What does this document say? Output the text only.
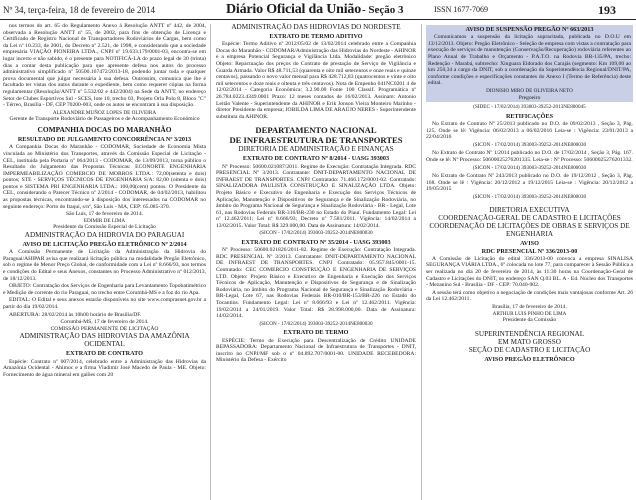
Nº 34, terça-feira, 18 de fevereiro de 2014	Diário Oficial da União - Seção 3	ISSN 1677-7069	193

nos termos do art. 65 do Regulamento Anexo à Resolução ANTT nº 442, de 2004, observada a Resolução ANTT nº 55, de 2002, para fins de obtenção de Licença e Certificado de Registro Nacional de Transportadores Rodoviários de Cargas, bem como da Lei nº 10.233, de 2001, do Decreto nº 2.521, de 1998, e considerando que a sociedade empresária VIAÇÃO PIONEIRA LTDA., CNPJ nº 19.633.179/0001-03, encontra-se em lugar incerto e não sabido, é o presente para NOTIFICÁ-LA do prazo legal de 30 (trinta) dias a contar desta publicação para que apresente defesa nos autos do processo administrativo simplificado nº 50500.167472/2013-18, podendo juntar toda e qualquer prova documental que julgar necessária à sua defesa. Outrossim, comunica que lhe é facultado ter vistas dos autos durante o expediente, bem como requerer cópias na forma regulamentar (Resolução/ANTT nº 5.532/02 e 442/2004) na Sede da ANTT, no endereço Setor de Clubes Esportivos Sul - SCES, lote 10, trecho 03, Projeto Orla Polo 8, Bloco "C" - Térreo, Brasília - DF, CEP 70200-003, onde os autos se encontram à sua disposição.

ALEXANDRE MUÑOZ LOPES DE OLIVEIRA

Gerente de Transporte Rodoviário de Passageiros e de Acompanhamento Econômico

COMPANHIA DOCAS DO MARANHÃO
RESULTADO DE JULGAMENTO CONCORRÊNCIA Nº 3/2013

A Companhia Docas do Maranhão - CODOMAR, Sociedade de Economia Mista vinculada ao Ministério dos Transportes, através da Comissão Especial de Licitação - CEL, instituída pela Portaria nº 064/2013 - CODOMAR, de 13/09/2013, torna público o Resultado do Julgamento das Propostas Técnicas: ECONORTE ENGENHARIA IMPERMEABILIZAÇÃO COMERCIO DE MORROS LTDA.: 72,00(setenta e dois) pontos; STE - SERVIÇOS TÉCNICOS DE ENGENHARIA S/A: 82,00 (oitenta e dois) pontos e SISTEMA PRI ENGENHARIA LTDA.: 100,00(cem) pontos. O Presidente da CEL, considerando o Parecer Técnico nº 2/2014 - CODOMAR, de 04/02/2013, habilitou as propostas técnicas, encontrando-se à disposição dos interessados na CODOMAR no seguinte endereço: Porto do Itaqui, s/nº, São Luís - MA, CEP: 65.085-370.

São Luís, 17 de fevereiro de 2014.

EDIMIR DE LIMA

Presidente da Comissão Especial de Licitação

ADMINISTRAÇÃO DA HIDROVIA DO PARAGUAI
AVISO DE LICITAÇÃO PREGÃO ELETRÔNICO Nº 2/2014

A Comissão Permanente de Licitação da Administração da Hidrovia do Paraguai/AHIPAR avisa que realizará licitação pública na modalidade Pregão Eletrônico, sob o regime de Menor Preço Global, de conformidade com a Lei nº 8.666/93, nos termos e condições do Edital e seus Anexos, constantes no Processo Administrativo nº 012/2013, de 18/12/2013.

OBJETO: Contratação dos Serviços de Engenharia para Levantamento Topobatimétrico e Medição de corrente do rio Paraguai, no trecho entre Corumbá-MS e a foz do rio Apa.

EDITAL: O Edital e seus anexos estarão disponíveis no site www.comprasnet.gov.br a partir do dia 19/02/2014.

ABERTURA: 28/02/2014 às 10h00 horário de Brasília/DF.

Corumbá-MS, 17 de fevereiro de 2014.

COMISSÃO PERMANENTE DE LICITAÇÃO

ADMINISTRAÇÃO DAS HIDROVIAS DA AMAZÔNIA OCIDENTAL
EXTRATO DE CONTRATO

Espécie: Contrato nº 007/2014, celebrado entre a Administração das Hidrovias da Amazônia Ocidental - Ahimoc e a firma Vladimir José Macedo de Paula - ME. Objeto: Fornecimento de água mineral em galões com 20

ADMINISTRAÇÃO DAS HIDROVIAS DO NORDESTE
EXTRATO DE TERMO ADITIVO

Espécie: Termo Aditivo nº 2012/05/02 de 13/02/2014 celebrado entre a Companhia Docas do Maranhão - CODOMAR/Administração das Hidrovias do Nordeste - AHINOR e a empresa Potencial Segurança e Vigilância Ltda. Modalidade: pregão eletrônico Objeto: Repactuação dos preços do Contrato de prestação de Serviço de Vigilância e Guarda Armada. Valor R$ 48.711,53 (quarenta e oito mil setecentos e onze reais e quinze centavos), passando o novo valor mensal para R$ 428.712,83 (quatrocentos e vinte e oito mil setecentos e doze reais e oitenta e três centavos). Nota de Empenho 041NC0201 4 de 12/02/2014 - Categoria Econômica: 3.2.90.00 Fonte 100 Classif. Programática nº 26.784.0223.4349.0001 Prazo: 12 meses contados de 16/02/2013. Assinam: Antonio Leitão Valente - Superintendente da AHINOR e Erik Jonson Vieira Monteiro Marinho - diretor Presidente da empresa; JOBILDA LIMA DE ARAÚJO NERES - Superintendente substituta da AHINOR.

DEPARTAMENTO NACIONAL
DE INFRAESTRUTURA DE TRANSPORTES
DIRETORIA DE ADMINISTRAÇÃO E FINANÇAS
EXTRATO DE CONTRATO Nº 8/2014 - UASG 393003

Nº Processo: 50600.021087/2011. Regime de Execução: Contratação Integrada. RDC PRESENCIAL Nº 3/2013. Contratante: DNIT-DEPARTAMENTO NACIONAL DE INFRAEST DE TRANSPORTES. CNPJ Contratado: 71.466.172/0001-02. Contratado: SINALIZADORA PAULISTA CONSTRUÇÃO E SINALIZAÇÃO LTDA. Objeto: Projeto Básico e Executivo de Engenharia e Execução dos Serviços Técnicos de Aplicação, Manutenção e Dispositivos de Segurança e de Sinalização Rodoviária, no âmbito do Programa Nacional de Segurança e Sinalização Rodoviária - BR - Legal, Lote 61, nas Rodovias Federais BR-316/BR-230 no Estado do Piauí. Fundamento Legal: Lei nº 12.462/2011; Lei nº 8.666/93; Decreto nº 7.581/2011. Vigência: 14/02/2014 a 13/02/2015. Valor Total: R$ 329.000,00. Data de Assinatura: 14/02/2014.

(SICON - 17/02/2014) 393003-39252-2014NE800030

EXTRATO DE CONTRATO Nº 35/2014 - UASG 393003

Nº Processo: 50600.021826/2011-82. Regime de Execução: Contratação Integrada. RDC PRESENCIAL Nº 3/2013. Contratante: DNIT-DEPARTAMENTO NACIONAL DE INFRAEST DE TRANSPORTES. CNPJ Contratado: 05.957.845/0001-15. Contratado: CEC COMERCIO CONSTRUÇÃO E ENGENHARIA DE SERVIÇOS LTD. Objeto: Projeto Básico e Executivo de Engenharia e Execução dos Serviços Técnicos de Aplicação, Manutenção e Dispositivos de Segurança e de Sinalização Rodoviária, no âmbito do Programa Nacional de Segurança e Sinalização Rodoviária - BR-Legal, Lote 67, nas Rodovias Federais BR-010/BR-153/BR-226 no Estado do Tocantins. Fundamento Legal: Lei nº 8.666/93 e Lei nº 12.462/2011. Vigência: 19/02/2014 a 24/01/2019. Valor Total: R$ 28.998.000,00. Data de Assinatura: 14/02/2014.

(SICON - 17/02/2014) 393003-39252-2014NE800030

EXTRATO DE TERMO

ESPÉCIE: Termo de Execução para Descentralização de Crédito UNIDADE REPASSADORA: Departamento Nacional de Infraestrutura de Transportes - DNIT, inscrito no CNPJ/MF sob o nº 04.892.707/0001-00. UNIDADE RECEBEDORA: Ministério da Defesa - Exército

AVISO DE SUSPENSÃO PREGÃO Nº 663/2013

Comunicamos a suspensão da licitação supracitada, publicada no D.O.U em 13/12/2013. Objeto: Pregão Eletrônico - Seleção de empresa com vistas a contratação para execução de serviços de manutenção (Conservação/Recuperação) rodoviária referentes ao Plano Anual de Trabalho e Orçamento - P.A.T.O. na Rodovia BR-135/PA, trecho: Redenção - Marabá, subtrecho: Xinguara Eldorado dos Carajás (segmento: Km 109,00 ao km 250,34 a cargo da DNIT, sob a coordenação da Superintendência Regional/DNIT/PA, conforme condições e especificações constantes do Anexo I (Termo de Referência) deste edital.

DIONISIO MIRO DE OLIVEIRA NETO

Pregoeiro

(SIDEC - 17/02/2014) 393003-39252-2013NE800045

RETIFICAÇÕES

No Extrato de Contrato Nº 25/2013 publicado no D.O. de 09/02/2013 , Seção 3, Pág. 125. Onde se lê: Vigência: 06/02/2013 a 06/02/2016 Leia-se : Vigência: 23/01/2013 a 22/04/2016

(SICON - 17/02/2014) 393003-39252-2014NE800030

No Extrato de Contrato Nº 1/2014 publicado no D.O. de 17/02/2014 , Seção 3, Pág. 167. Onde se lê: Nº Processo: 50600025276201335. Leia-se : Nº Processo: 50600025276201332.

(SICON - 17/02/2014) 393003-39252-2014NE800030

No Extrato de Contrato Nº 243/2013 publicado no D.O. de 19/12/2012 , Seção 3, Pág. 168. Onde se lê : Vigência: 20/12/2012 a 19/12/2015 Leia-se : Vigência: 20/12/2012 a 19/05/2015

(SICON - 17/02/2014) 393003-39252-2014NE800030

DIRETORIA EXECUTIVA
COORDENAÇÃO-GERAL DE CADASTRO E LICITAÇÕES
COORDENAÇÃO DE LICITAÇÕES DE OBRAS E SERVIÇOS DE ENGENHARIA
AVISO
RDC PRESENCIAL Nº 336/2013-00

A Comissão de Licitação do edital 336/2013-00 convoca a empresa SINALISA SEGURANÇA VIÁRIA LTDA., 6º colocada no lote 77, para comparecer à Sessão Pública a ser realizada no dia 20 de fevereiro de 2014, às 11:30 horas na Coordenação-Geral de Cadastro e Licitações do DNIT, no endereço SAN Q.03 BL. A - Ed. Núcleo dos Transportes - Mezanino Sul - Brasília - DF - CEP: 70.040-902.

A sessão terá como objetivo a negociação de condições mais vantajosas conforme Art. 26 da Lei 12.462/2011.

Brasília, 17 de fevereiro de 2014.

ARTHUR LUIS PINHO DE LIMA

Presidente da Comissão

SUPERINTENDÊNCIA REGIONAL
EM MATO GROSSO
SEÇÃO DE CADASTRO E LICITAÇÃO
AVISO PREGÃO ELETRÔNICO
